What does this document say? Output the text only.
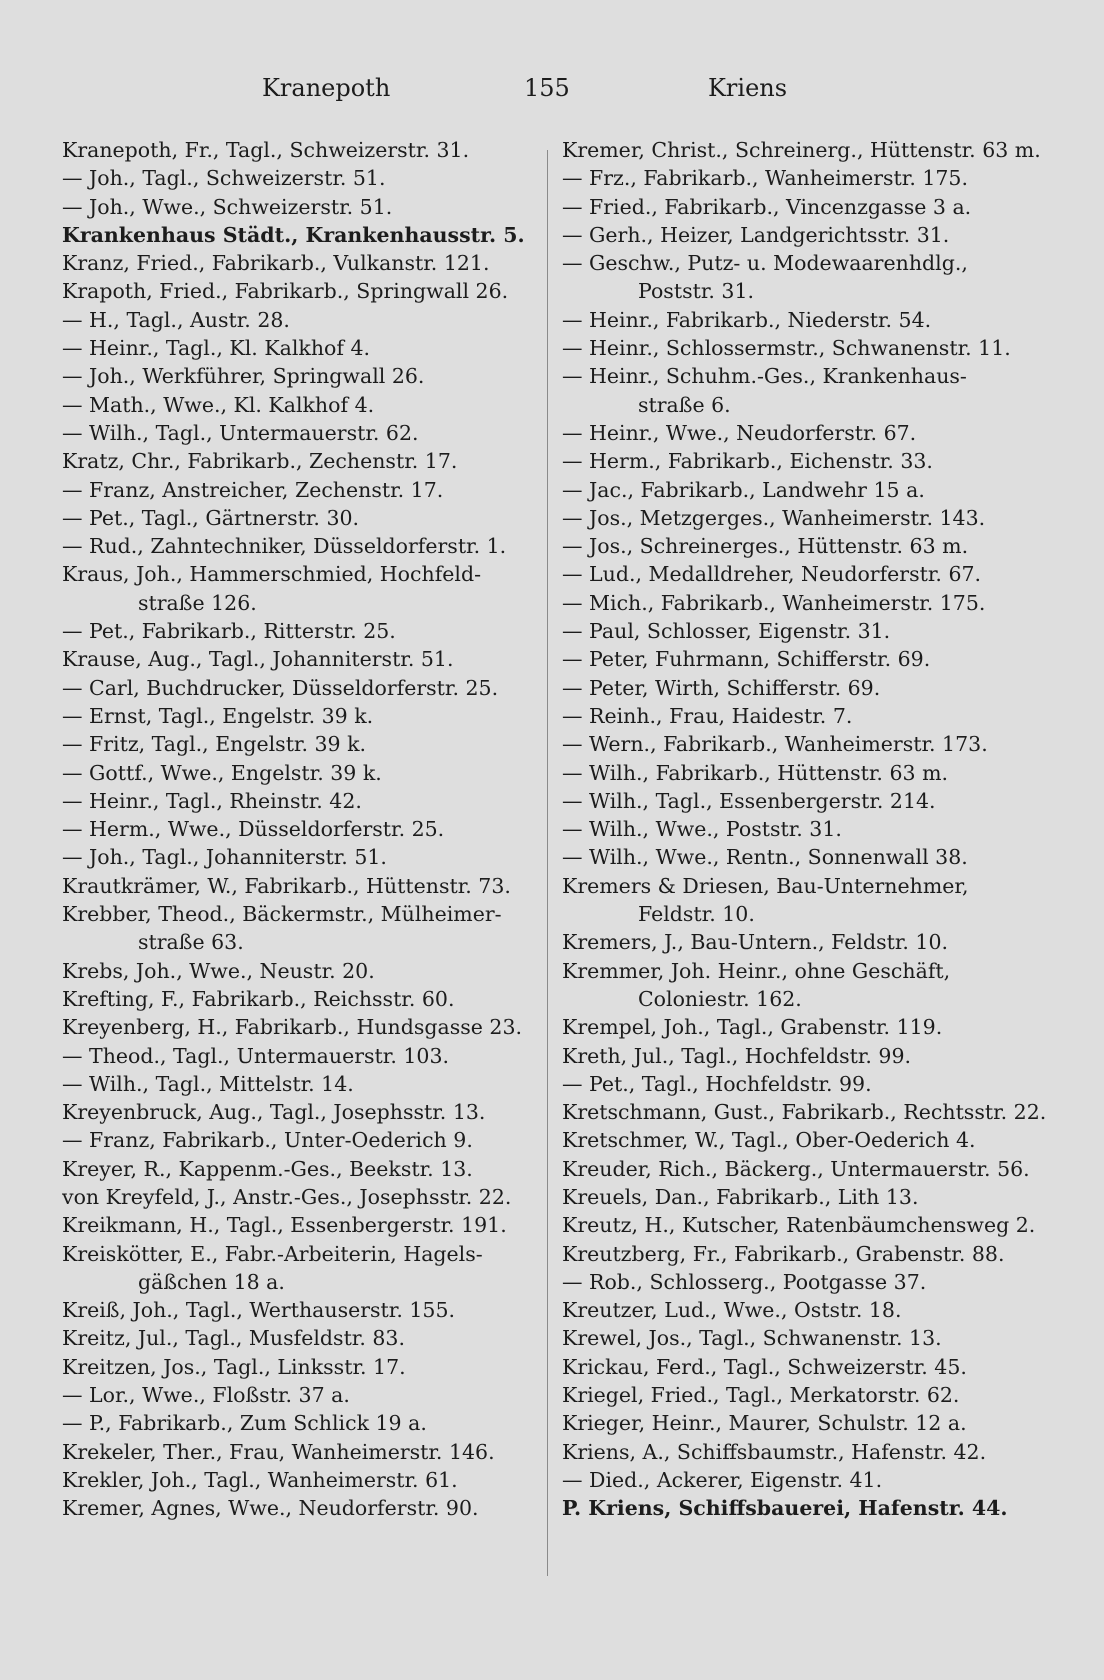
Kranepoth	155	Kriens
Kranepoth, Fr., Tagl., Schweizerstr. 31.
— Joh., Tagl., Schweizerstr. 51.
— Joh., Wwe., Schweizerstr. 51.
Krankenhaus Städt., Krankenhausstr. 5.
Kranz, Fried., Fabrikarb., Vulkanstr. 121.
Krapoth, Fried., Fabrikarb., Springwall 26.
— H., Tagl., Austr. 28.
— Heinr., Tagl., Kl. Kalkhof 4.
— Joh., Werkführer, Springwall 26.
— Math., Wwe., Kl. Kalkhof 4.
— Wilh., Tagl., Untermauerstr. 62.
Kratz, Chr., Fabrikarb., Zechenstr. 17.
— Franz, Anstreicher, Zechenstr. 17.
— Pet., Tagl., Gärtnerstr. 30.
— Rud., Zahntechniker, Düsseldorferstr. 1.
Kraus, Joh., Hammerschmied, Hochfeld-
straße 126.
— Pet., Fabrikarb., Ritterstr. 25.
Krause, Aug., Tagl., Johanniterstr. 51.
— Carl, Buchdrucker, Düsseldorferstr. 25.
— Ernst, Tagl., Engelstr. 39 k.
— Fritz, Tagl., Engelstr. 39 k.
— Gottf., Wwe., Engelstr. 39 k.
— Heinr., Tagl., Rheinstr. 42.
— Herm., Wwe., Düsseldorferstr. 25.
— Joh., Tagl., Johanniterstr. 51.
Krautkrämer, W., Fabrikarb., Hüttenstr. 73.
Krebber, Theod., Bäckermstr., Mülheimer-
straße 63.
Krebs, Joh., Wwe., Neustr. 20.
Krefting, F., Fabrikarb., Reichsstr. 60.
Kreyenberg, H., Fabrikarb., Hundsgasse 23.
— Theod., Tagl., Untermauerstr. 103.
— Wilh., Tagl., Mittelstr. 14.
Kreyenbruck, Aug., Tagl., Josephsstr. 13.
— Franz, Fabrikarb., Unter-Oederich 9.
Kreyer, R., Kappenm.-Ges., Beekstr. 13.
von Kreyfeld, J., Anstr.-Ges., Josephsstr. 22.
Kreikmann, H., Tagl., Essenbergerstr. 191.
Kreiskötter, E., Fabr.-Arbeiterin, Hagels-
gäßchen 18 a.
Kreiß, Joh., Tagl., Werthauserstr. 155.
Kreitz, Jul., Tagl., Musfeldstr. 83.
Kreitzen, Jos., Tagl., Linksstr. 17.
— Lor., Wwe., Floßstr. 37 a.
— P., Fabrikarb., Zum Schlick 19 a.
Krekeler, Ther., Frau, Wanheimerstr. 146.
Krekler, Joh., Tagl., Wanheimerstr. 61.
Kremer, Agnes, Wwe., Neudorferstr. 90.
Kremer, Christ., Schreinerg., Hüttenstr. 63 m.
— Frz., Fabrikarb., Wanheimerstr. 175.
— Fried., Fabrikarb., Vincenzgasse 3 a.
— Gerh., Heizer, Landgerichtsstr. 31.
— Geschw., Putz- u. Modewaarenhdlg.,
Poststr. 31.
— Heinr., Fabrikarb., Niederstr. 54.
— Heinr., Schlossermstr., Schwanenstr. 11.
— Heinr., Schuhm.-Ges., Krankenhaus-
straße 6.
— Heinr., Wwe., Neudorferstr. 67.
— Herm., Fabrikarb., Eichenstr. 33.
— Jac., Fabrikarb., Landwehr 15 a.
— Jos., Metzgerges., Wanheimerstr. 143.
— Jos., Schreinerges., Hüttenstr. 63 m.
— Lud., Medalldreher, Neudorferstr. 67.
— Mich., Fabrikarb., Wanheimerstr. 175.
— Paul, Schlosser, Eigenstr. 31.
— Peter, Fuhrmann, Schifferstr. 69.
— Peter, Wirth, Schifferstr. 69.
— Reinh., Frau, Haidestr. 7.
— Wern., Fabrikarb., Wanheimerstr. 173.
— Wilh., Fabrikarb., Hüttenstr. 63 m.
— Wilh., Tagl., Essenbergerstr. 214.
— Wilh., Wwe., Poststr. 31.
— Wilh., Wwe., Rentn., Sonnenwall 38.
Kremers & Driesen, Bau-Unternehmer,
Feldstr. 10.
Kremers, J., Bau-Untern., Feldstr. 10.
Kremmer, Joh. Heinr., ohne Geschäft,
Coloniestr. 162.
Krempel, Joh., Tagl., Grabenstr. 119.
Kreth, Jul., Tagl., Hochfeldstr. 99.
— Pet., Tagl., Hochfeldstr. 99.
Kretschmann, Gust., Fabrikarb., Rechtsstr. 22.
Kretschmer, W., Tagl., Ober-Oederich 4.
Kreuder, Rich., Bäckerg., Untermauerstr. 56.
Kreuels, Dan., Fabrikarb., Lith 13.
Kreutz, H., Kutscher, Ratenbäumchensweg 2.
Kreutzberg, Fr., Fabrikarb., Grabenstr. 88.
— Rob., Schlosserg., Pootgasse 37.
Kreutzer, Lud., Wwe., Oststr. 18.
Krewel, Jos., Tagl., Schwanenstr. 13.
Krickau, Ferd., Tagl., Schweizerstr. 45.
Kriegel, Fried., Tagl., Merkatorstr. 62.
Krieger, Heinr., Maurer, Schulstr. 12 a.
Kriens, A., Schiffsbaumstr., Hafenstr. 42.
— Died., Ackerer, Eigenstr. 41.
P. Kriens, Schiffsbauerei, Hafenstr. 44.
